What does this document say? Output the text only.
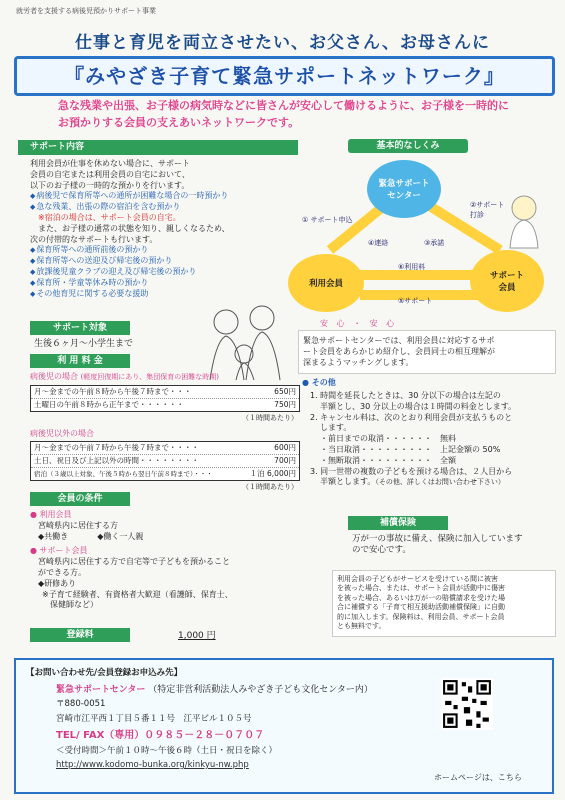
就労者を支援する病後児預かりサポート事業
仕事と育児を両立させたい、お父さん、お母さんに
『みやざき子育て緊急サポートネットワーク』
急な残業や出張、お子様の病気時などに皆さんが安心して働けるように、お子様を一時的に
お預かりする会員の支えあいネットワークです。
サポート内容
利用会員が仕事を休めない場合に、サポート
会員の自宅または利用会員の自宅において、
以下のお子様の一時的な預かりを行います。
◆ 病後児で保育所等への通所が困難な場合の一時預かり
◆ 急な残業、出張の際の宿泊を含む預かり
※宿泊の場合は、サポート会員の自宅。
また、お子様の通常の状態を知り、親しくなるため、
次の付帯的なサポートも行います。
◆ 保育所等への通所前後の預かり
◆ 保育所等への送迎及び帰宅後の預かり
◆ 放課後児童クラブの迎え及び帰宅後の預かり
◆ 保育所・学童等休み時の預かり
◆ その他育児に関する必要な援助
サポート対象
生後６ヶ月～小学生まで
利 用 料 金
病後児の場合 (軽度回復期にあり、集団保育の困難な時期)
月～金までの午前８時から午後７時まで・・・	650円
土曜日の午前８時から正午まで・・・・・・	750円
（１時間あたり）
病後児以外の場合
月～金までの午前７時から午後７時まで・・・・	600円
土日、祝日及び上記以外の時間・・・・・・・・	700円
宿泊（３歳以上対象、午後５時から翌日午前８時まで）・・・	１泊 6,000円
（１時間あたり）
会員の条件
● 利用会員
宮崎県内に居住する方
◆共働き	◆働く一人親
● サポート会員
宮崎県内に居住する方で自宅等で子どもを預かること
ができる方。
◆研修あり
※子育て経験者、有資格者大歓迎（看護師、保育士、
保健師など）
登録料	1,000 円
基本的なしくみ
緊急サポート
センター
利用会員
サポート
会員
① サポート申込
②サポート打診
③承諾
④連絡
⑤サポート
⑥利用料
安 心 ・ 安 心
緊急サポートセンターでは、利用会員に対応するサポ
ート会員をあらかじめ紹介し、会員同士の相互理解が
深まるようマッチングします。
● その他
1. 時間を延長したときは、30 分以下の場合は左記の
半額とし、30 分以上の場合は１時間の料金とします。
2. キャンセル料は、次のとおり利用会員が支払うものと
します。
・前日までの取消・・・・・・	無料
・当日取消・・・・・・・・・	上記金額の 50%
・無断取消・・・・・・・・・	全額
3. 同一世帯の複数の子どもを預ける場合は、２人目から
半額とします。（その他、詳しくはお問い合わせ下さい）
補償保険
万が一の事故に備え、保険に加入しています
ので安心です。
利用会員の子どもがサービスを受けている間に被害
を被った場合、または、サポート会員が活動中に傷害
を被った場合、あるいは万が一の賠償請求を受けた場
合に補償する「子育て相互援助活動補償保険」に自動
的に加入します。保険料は、利用会員、サポート会員
とも無料です。
【お問い合わせ先/会員登録お申込み先】
緊急サポートセンター （特定非営利活動法人みやざき子ども文化センター内）
〒880-0051
宮崎市江平西１丁目５番１１号　江平ビル１０５号
TEL/ FAX（専用）０９８５－２８－０７０７
＜受付時間＞午前１０時～午後６時（土日・祝日を除く）
http://www.kodomo-bunka.org/kinkyu-nw.php
ホームページは、こちら
